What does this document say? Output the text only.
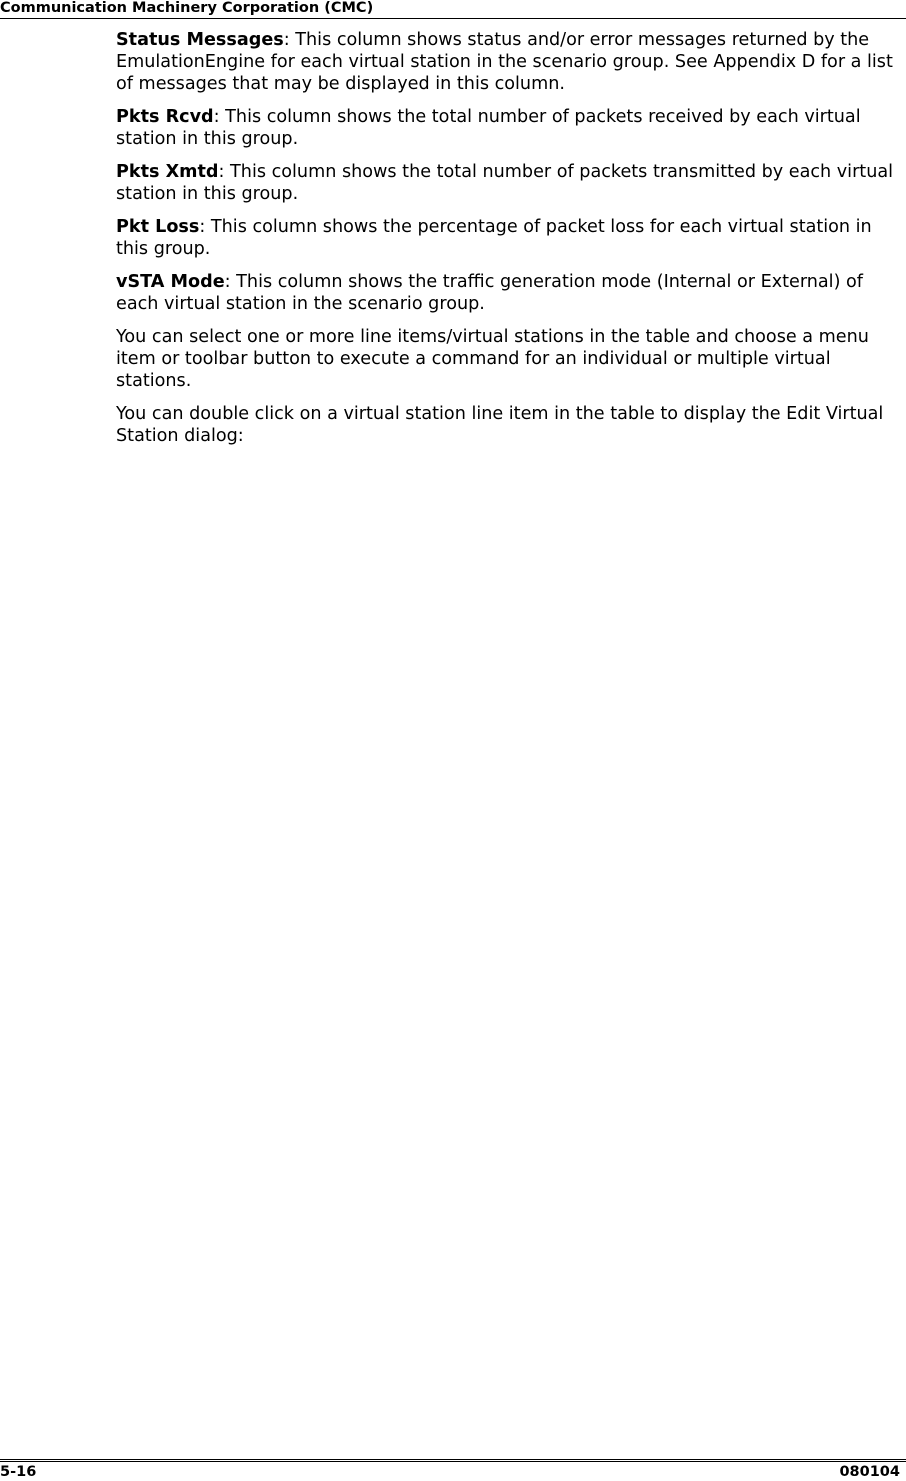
Communication Machinery Corporation (CMC)

Status Messages: This column shows status and/or error messages returned by the EmulationEngine for each virtual station in the scenario group. See Appendix D for a list of messages that may be displayed in this column.

Pkts Rcvd: This column shows the total number of packets received by each virtual station in this group.

Pkts Xmtd: This column shows the total number of packets transmitted by each virtual station in this group.

Pkt Loss: This column shows the percentage of packet loss for each virtual station in this group.

vSTA Mode: This column shows the traffic generation mode (Internal or External) of each virtual station in the scenario group.

You can select one or more line items/virtual stations in the table and choose a menu item or toolbar button to execute a command for an individual or multiple virtual stations.

You can double click on a virtual station line item in the table to display the Edit Virtual Station dialog:

5-16	080104
